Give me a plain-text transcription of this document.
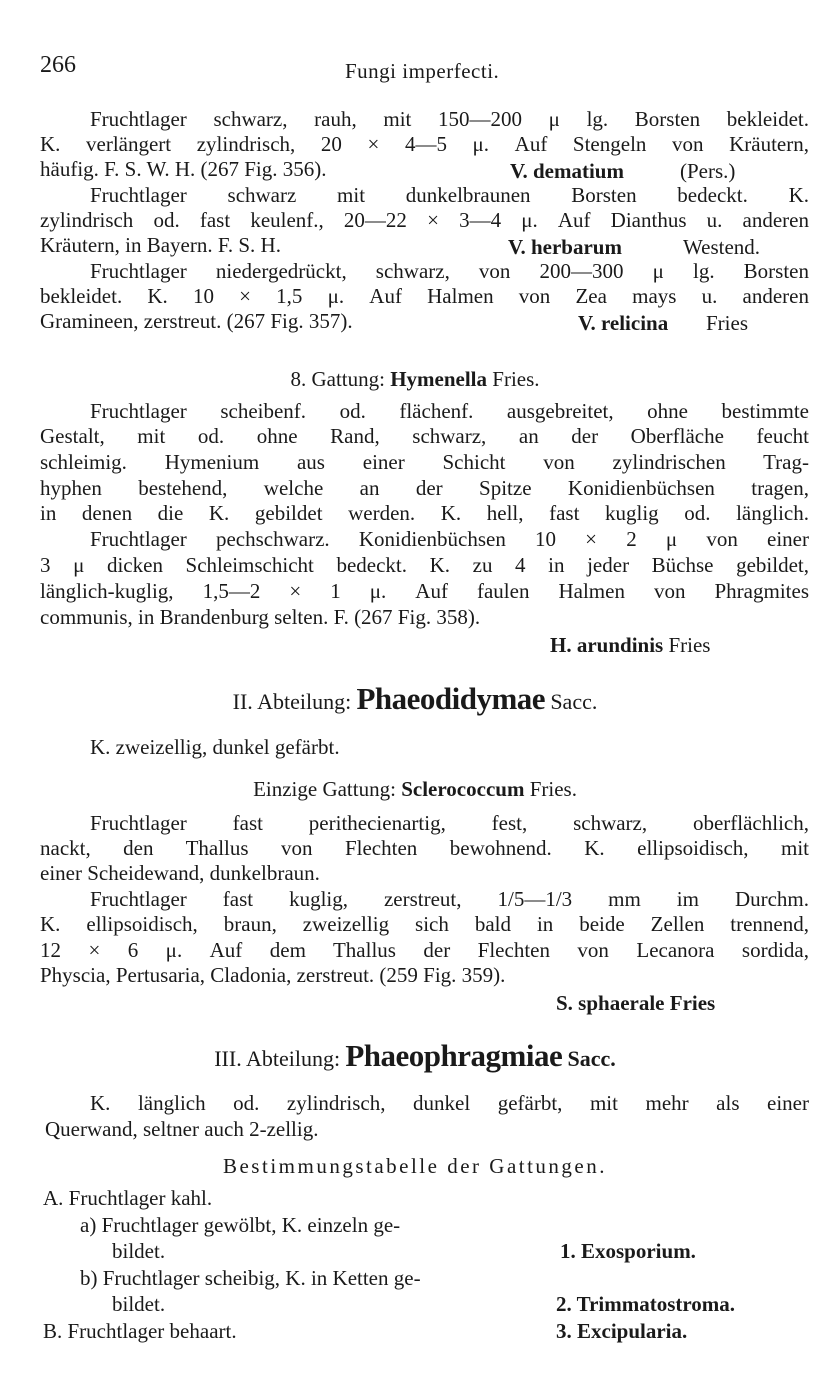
266	Fungi imperfecti.
Fruchtlager schwarz, rauh, mit 150—200 μ lg. Borsten bekleidet.
K. verlängert zylindrisch, 20 × 4—5 μ. Auf Stengeln von Kräutern,
häufig. F. S. W. H. (267 Fig. 356).	V. dematium	(Pers.)
Fruchtlager schwarz mit dunkelbraunen Borsten bedeckt. K.
zylindrisch od. fast keulenf., 20—22 × 3—4 μ. Auf Dianthus u. anderen
Kräutern, in Bayern. F. S. H.	V. herbarum	Westend.
Fruchtlager niedergedrückt, schwarz, von 200—300 μ lg. Borsten
bekleidet. K. 10 × 1,5 μ. Auf Halmen von Zea mays u. anderen
Gramineen, zerstreut. (267 Fig. 357).	V. relicina Fries
8. Gattung: Hymenella Fries.
Fruchtlager scheibenf. od. flächenf. ausgebreitet, ohne bestimmte
Gestalt, mit od. ohne Rand, schwarz, an der Oberfläche feucht
schleimig. Hymenium aus einer Schicht von zylindrischen Trag-
hyphen bestehend, welche an der Spitze Konidienbüchsen tragen,
in denen die K. gebildet werden. K. hell, fast kuglig od. länglich.
Fruchtlager pechschwarz. Konidienbüchsen 10 × 2 μ von einer
3 μ dicken Schleimschicht bedeckt. K. zu 4 in jeder Büchse gebildet,
länglich-kuglig, 1,5—2 × 1 μ. Auf faulen Halmen von Phragmites
communis, in Brandenburg selten. F. (267 Fig. 358).
H. arundinis Fries
II. Abteilung: Phaeodidymae Sacc.
K. zweizellig, dunkel gefärbt.
Einzige Gattung: Sclerococcum Fries.
Fruchtlager fast perithecienartig, fest, schwarz, oberflächlich,
nackt, den Thallus von Flechten bewohnend. K. ellipsoidisch, mit
einer Scheidewand, dunkelbraun.
Fruchtlager fast kuglig, zerstreut, 1/5—1/3 mm im Durchm.
K. ellipsoidisch, braun, zweizellig sich bald in beide Zellen trennend,
12 × 6 μ. Auf dem Thallus der Flechten von Lecanora sordida,
Physcia, Pertusaria, Cladonia, zerstreut. (259 Fig. 359).
S. sphaerale Fries
III. Abteilung: Phaeophragmiae Sacc.
K. länglich od. zylindrisch, dunkel gefärbt, mit mehr als einer
Querwand, seltner auch 2-zellig.
Bestimmungstabelle der Gattungen.
A. Fruchtlager kahl.
a) Fruchtlager gewölbt, K. einzeln ge-
bildet.	1. Exosporium.
b) Fruchtlager scheibig, K. in Ketten ge-
bildet.	2. Trimmatostroma.
B. Fruchtlager behaart.	3. Excipularia.
